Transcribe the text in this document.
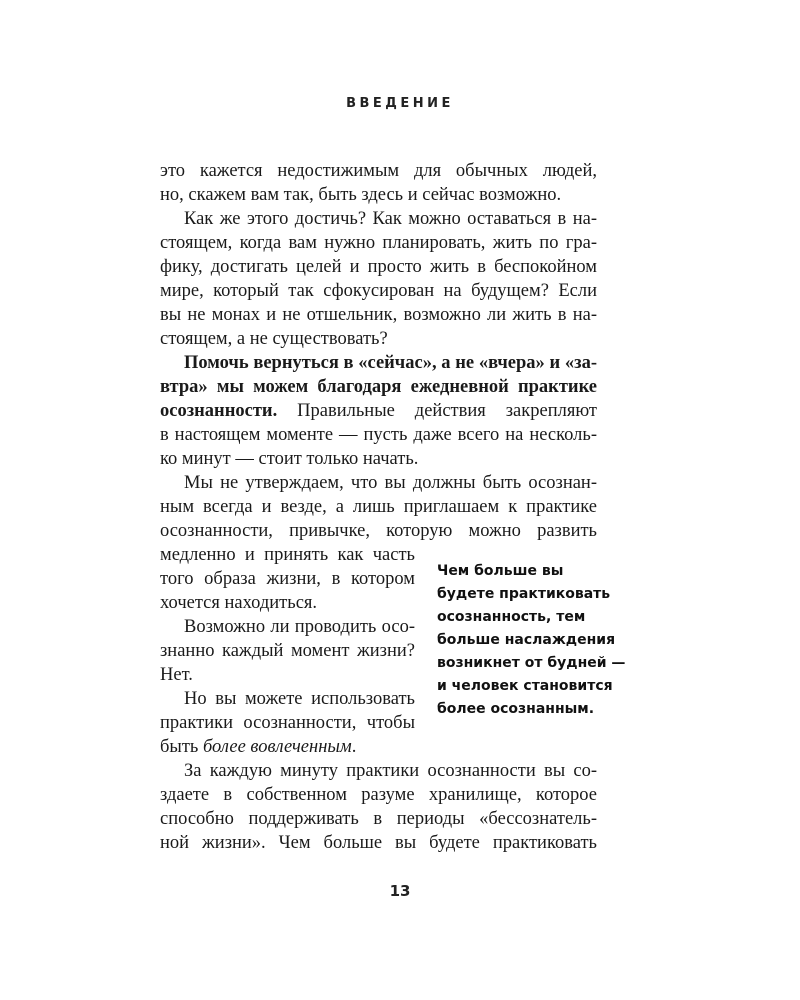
ВВЕДЕНИЕ
это кажется недостижимым для обычных людей,
но, скажем вам так, быть здесь и сейчас возможно.
Как же этого достичь? Как можно оставаться в на-
стоящем, когда вам нужно планировать, жить по гра-
фику, достигать целей и просто жить в беспокойном
мире, который так сфокусирован на будущем? Если
вы не монах и не отшельник, возможно ли жить в на-
стоящем, а не существовать?
Помочь вернуться в «сейчас», а не «вчера» и «за-
втра» мы можем благодаря ежедневной практике
осознанности. Правильные действия закрепляют
в настоящем моменте — пусть даже всего на несколь-
ко минут — стоит только начать.
Мы не утверждаем, что вы должны быть осознан-
ным всегда и везде, а лишь приглашаем к практике
осознанности, привычке, которую можно развить
медленно и принять как часть
того образа жизни, в котором
хочется находиться.
Возможно ли проводить осо-
знанно каждый момент жизни?
Нет.
Но вы можете использовать
практики осознанности, чтобы
быть более вовлеченным.
За каждую минуту практики осознанности вы со-
здаете в собственном разуме хранилище, которое
способно поддерживать в периоды «бессознатель-
ной жизни». Чем больше вы будете практиковать
Чем больше вы
будете практиковать
осознанность, тем
больше наслаждения
возникнет от будней —
и человек становится
более осознанным.
13
